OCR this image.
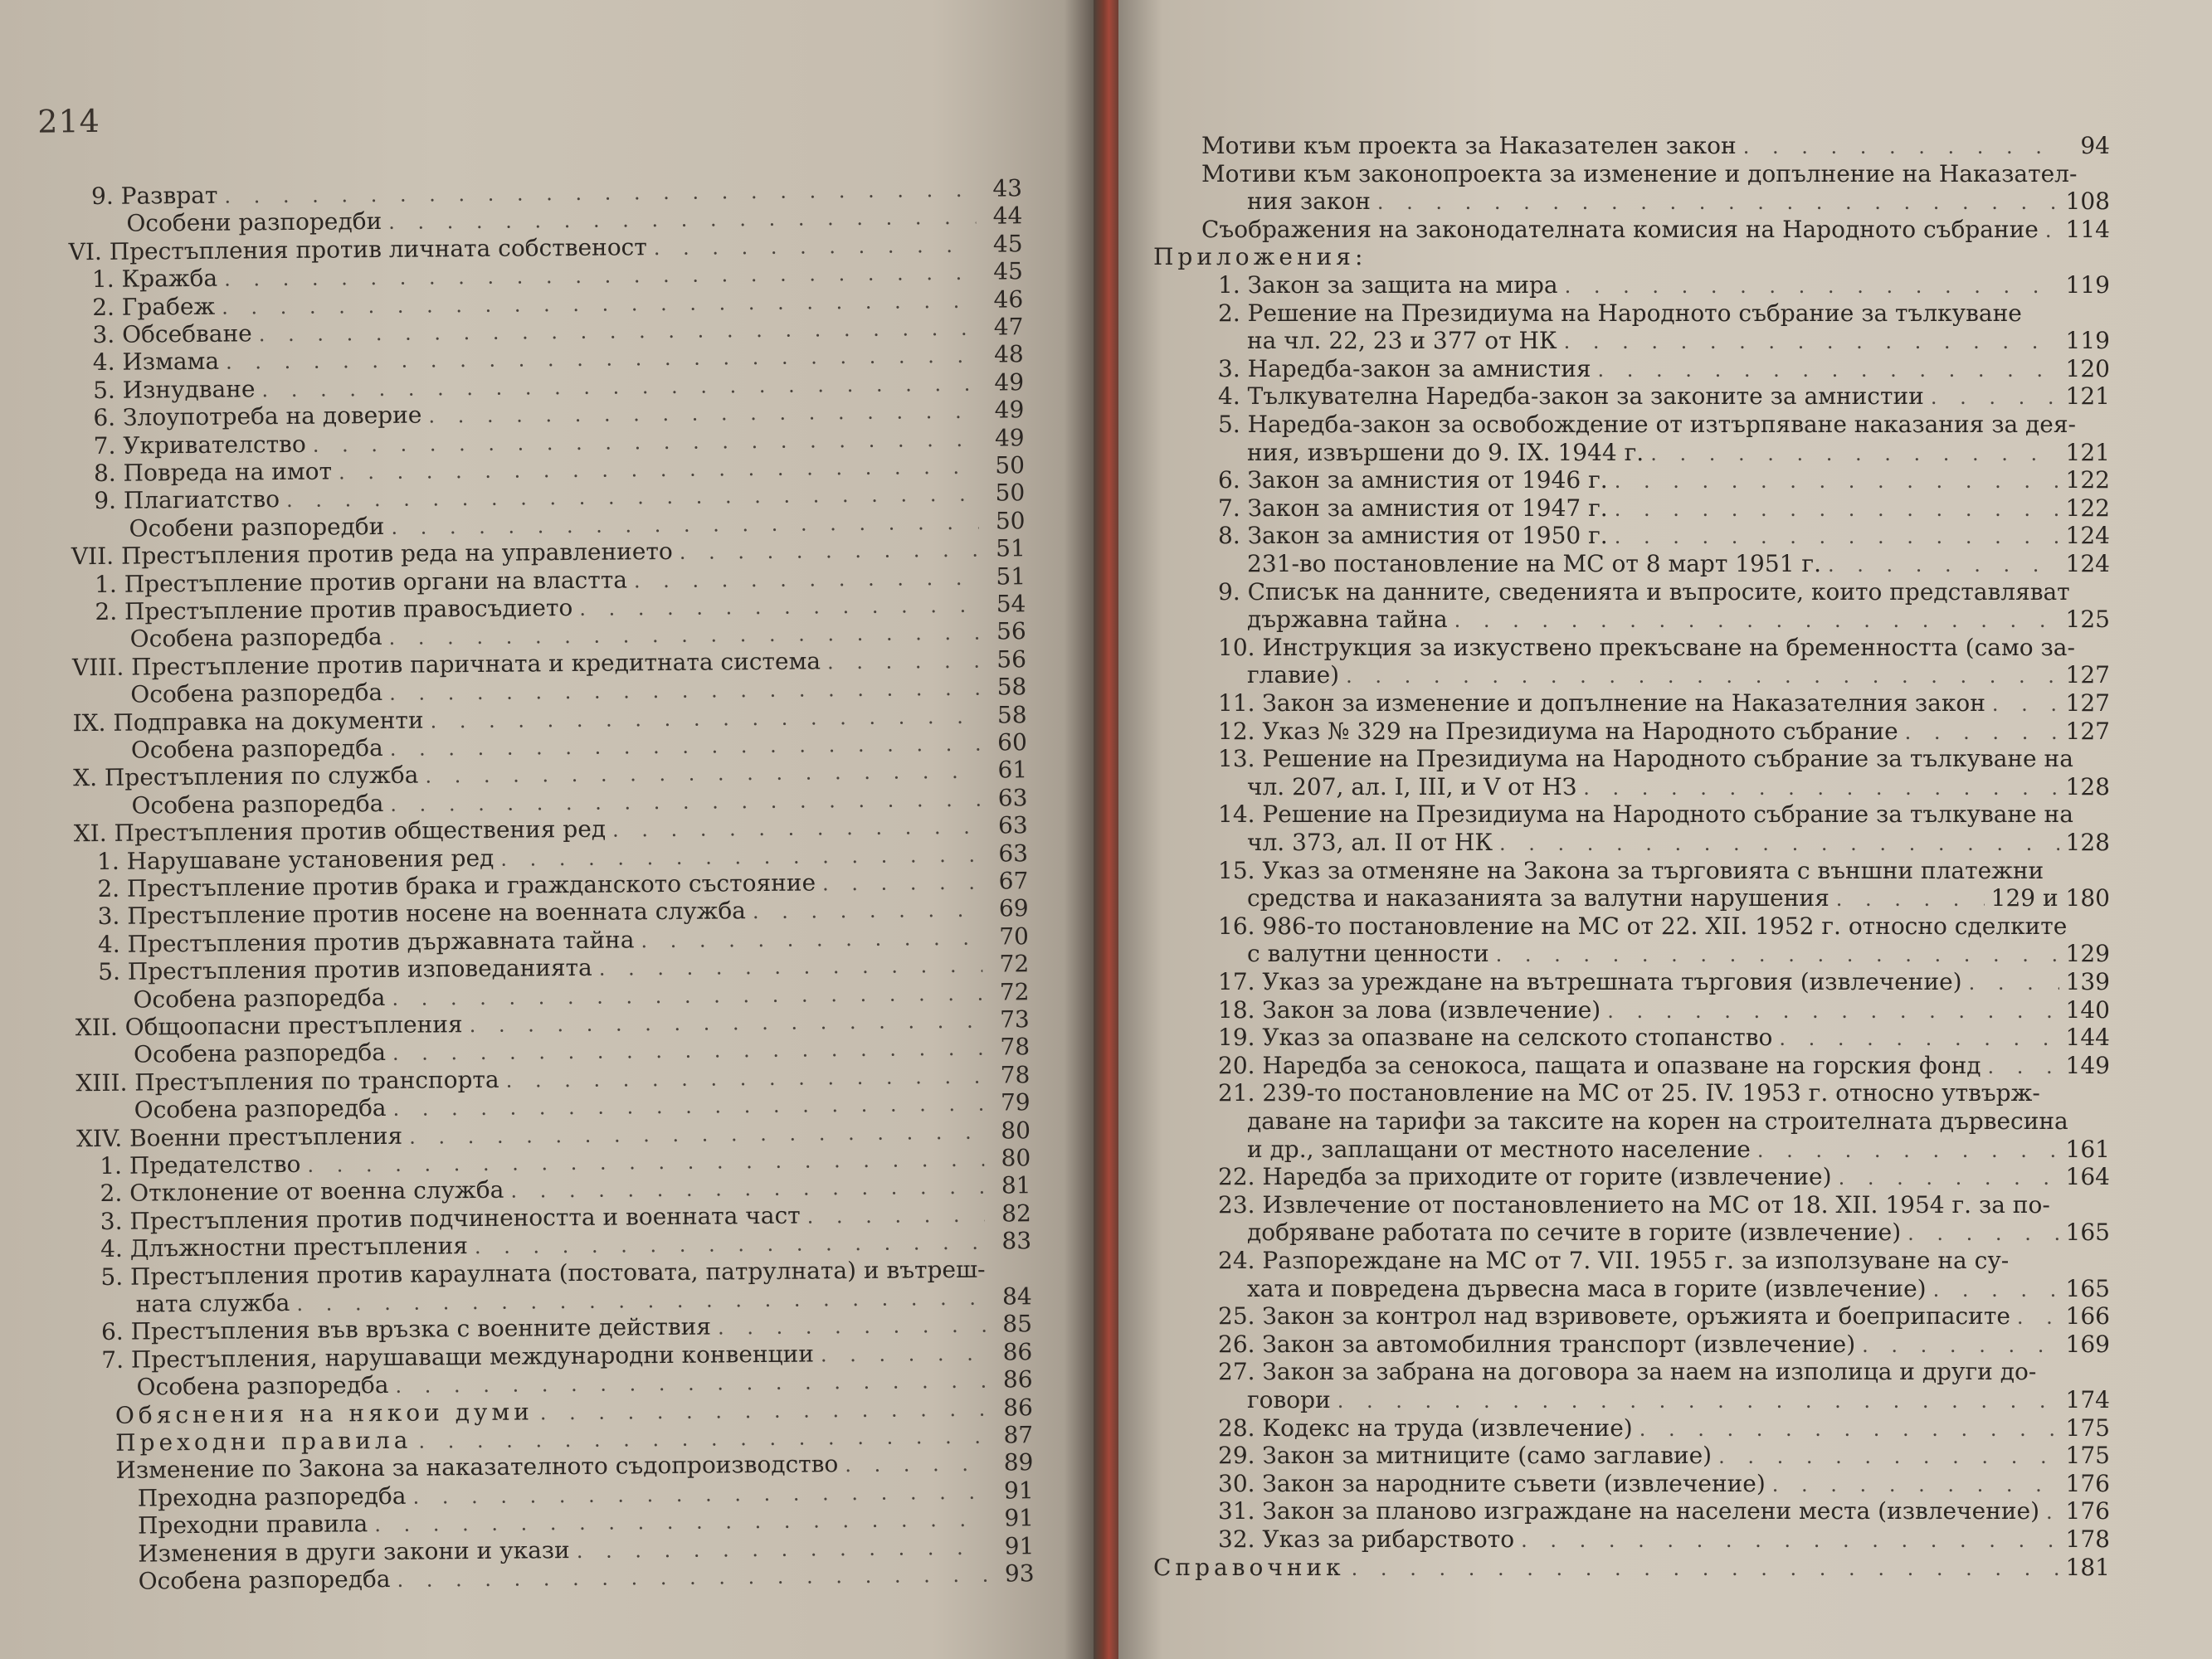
214
9. Разврат . . .	43
Особени разпоредби . . .	44
VI. Престъпления против личната собственост . . .	45
1. Кражба . . .	45
2. Грабеж . . .	46
3. Обсебване . . .	47
4. Измама . . .	48
5. Изнудване . . .	49
6. Злоупотреба на доверие . . .	49
7. Укривателство . . .	49
8. Повреда на имот . . .	50
9. Плагиатство . . .	50
Особени разпоредби . . .	50
VII. Престъпления против реда на управлението . . .	51
1. Престъпление против органи на властта . . .	51
2. Престъпление против правосъдието . . .	54
Особена разпоредба . . .	56
VIII. Престъпление против паричната и кредитната система . . .	56
Особена разпоредба . . .	58
IX. Подправка на документи . . .	58
Особена разпоредба . . .	60
X. Престъпления по служба . . .	61
Особена разпоредба . . .	63
XI. Престъпления против обществения ред . . .	63
1. Нарушаване установения ред . . .	63
2. Престъпление против брака и гражданското състояние . . .	67
3. Престъпление против носене на военната служба . . .	69
4. Престъпления против държавната тайна . . .	70
5. Престъпления против изповеданията . . .	72
Особена разпоредба . . .	72
XII. Общоопасни престъпления . . .	73
Особена разпоредба . . .	78
XIII. Престъпления по транспорта . . .	78
Особена разпоредба . . .	79
XIV. Военни престъпления . . .	80
1. Предателство . . .	80
2. Отклонение от военна служба . . .	81
3. Престъпления против подчинеността и военната част . . .	82
4. Длъжностни престъпления . . .	83
5. Престъпления против караулната (постовата, патрулната) и вътреш-
ната служба . . .	84
6. Престъпления във връзка с военните действия . . .	85
7. Престъпления, нарушаващи международни конвенции . . .	86
Особена разпоредба . . .	86
Обяснения на някои думи . . .	86
Преходни правила . . .	87
Изменение по Закона за наказателното съдопроизводство . . .	89
Преходна разпоредба . . .	91
Преходни правила . . .	91
Изменения в други закони и укази . . .	91
Особена разпоредба . . .	93
Мотиви към проекта за Наказателен закон . . .	94
Мотиви към законопроекта за изменение и допълнение на Наказател-
ния закон . . .	108
Съображения на законодателната комисия на Народното събрание . . . 114
Приложения:
1. Закон за защита на мира . . .	119
2. Решение на Президиума на Народното събрание за тълкуване
на чл. 22, 23 и 377 от НК . . .	119
3. Наредба-закон за амнистия . . .	120
4. Тълкувателна Наредба-закон за законите за амнистии . . .	121
5. Наредба-закон за освобождение от изтърпяване наказания за дея-
ния, извършени до 9. IX. 1944 г. . . .	121
6. Закон за амнистия от 1946 г. . . .	122
7. Закон за амнистия от 1947 г. . . .	122
8. Закон за амнистия от 1950 г. . . .	124
231-во постановление на МС от 8 март 1951 г. . . .	124
9. Списък на данните, сведенията и въпросите, които представляват
държавна тайна . . .	125
10. Инструкция за изкуствено прекъсване на бременността (само за-
главие) . . .	127
11. Закон за изменение и допълнение на Наказателния закон . . .	127
12. Указ № 329 на Президиума на Народното събрание . . .	127
13. Решение на Президиума на Народното събрание за тълкуване на
чл. 207, ал. I, III, и V от НЗ . . .	128
14. Решение на Президиума на Народното събрание за тълкуване на
чл. 373, ал. II от НК . . .	128
15. Указ за отменяне на Закона за търговията с външни платежни
средства и наказанията за валутни нарушения . . .	129 и 180
16. 986-то постановление на МС от 22. XII. 1952 г. относно сделките
с валутни ценности . . .	129
17. Указ за уреждане на вътрешната търговия (извлечение) . . .	139
18. Закон за лова (извлечение) . . .	140
19. Указ за опазване на селското стопанство . . .	144
20. Наредба за сенокоса, пащата и опазване на горския фонд . . .	149
21. 239-то постановление на МС от 25. IV. 1953 г. относно утвърж-
даване на тарифи за таксите на корен на строителната дървесина
и др., заплащани от местното население . . .	161
22. Наредба за приходите от горите (извлечение) . . .	164
23. Извлечение от постановлението на МС от 18. XII. 1954 г. за по-
добряване работата по сечите в горите (извлечение) . . .	165
24. Разпореждане на МС от 7. VII. 1955 г. за използуване на су-
хата и повредена дървесна маса в горите (извлечение) . . .	165
25. Закон за контрол над взривовете, оръжията и боеприпасите . . . 166
26. Закон за автомобилния транспорт (извлечение) . . .	169
27. Закон за забрана на договора за наем на изполица и други до-
говори . . .	174
28. Кодекс на труда (извлечение) . . .	175
29. Закон за митниците (само заглавие) . . .	175
30. Закон за народните съвети (извлечение) . . .	176
31. Закон за планово изграждане на населени места (извлечение) . . . 176
32. Указ за рибарството . . .	178
Справочник . . .	181
